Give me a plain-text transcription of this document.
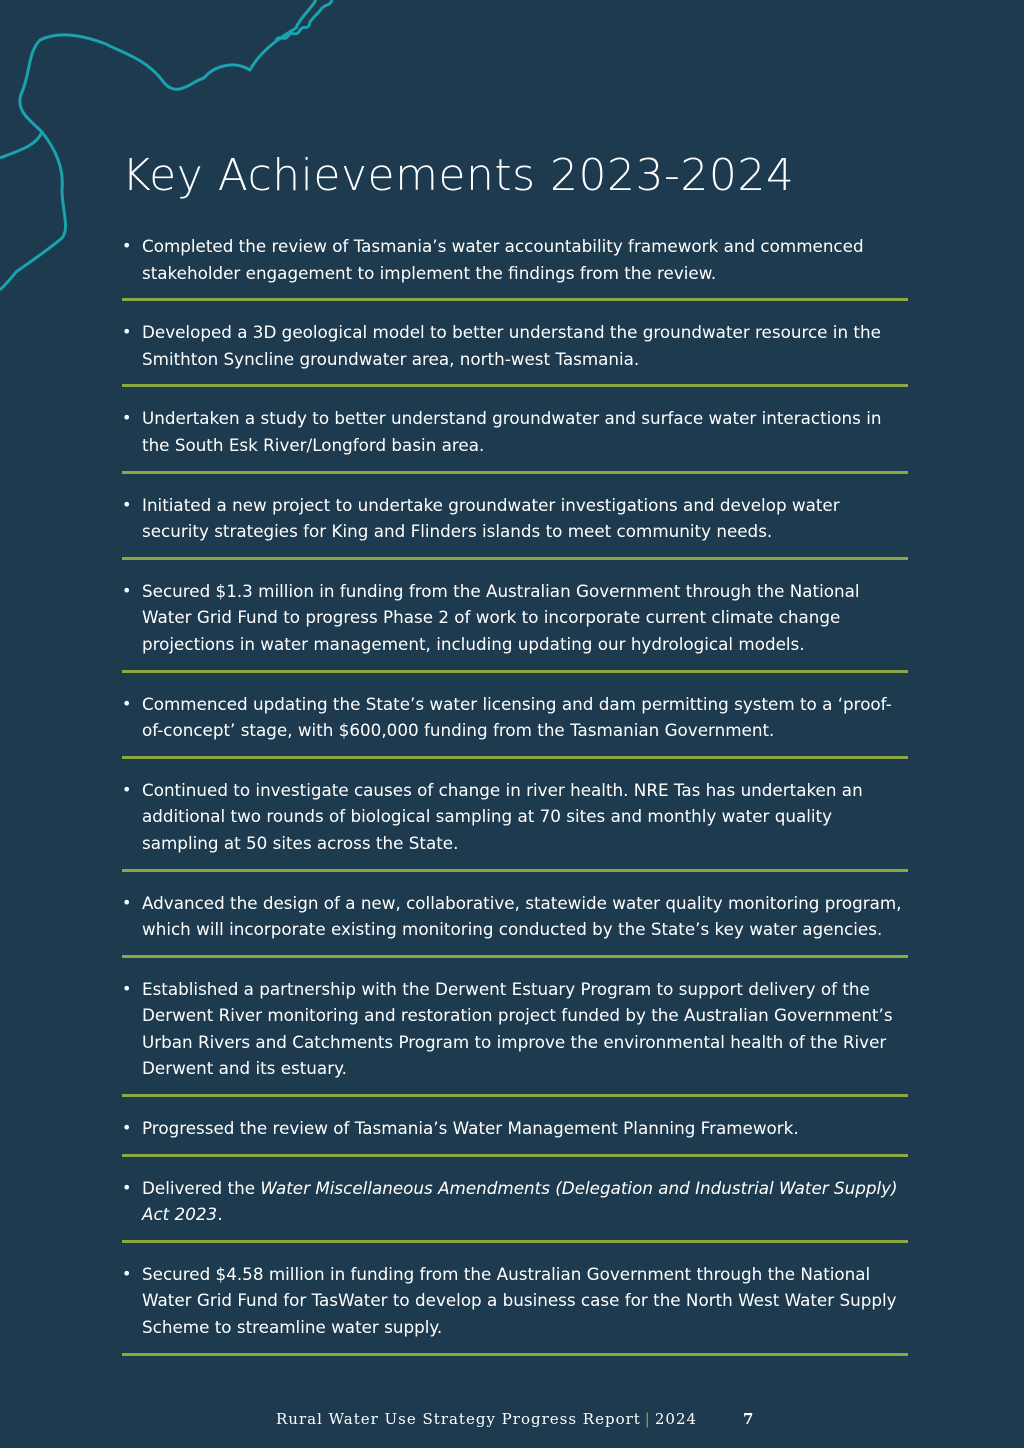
Key Achievements 2023-2024
• Completed the review of Tasmania’s water accountability framework and commenced stakeholder engagement to implement the findings from the review.
• Developed a 3D geological model to better understand the groundwater resource in the Smithton Syncline groundwater area, north-west Tasmania.
• Undertaken a study to better understand groundwater and surface water interactions in the South Esk River/Longford basin area.
• Initiated a new project to undertake groundwater investigations and develop water security strategies for King and Flinders islands to meet community needs.
• Secured $1.3 million in funding from the Australian Government through the National Water Grid Fund to progress Phase 2 of work to incorporate current climate change projections in water management, including updating our hydrological models.
• Commenced updating the State’s water licensing and dam permitting system to a ‘proof-of-concept’ stage, with $600,000 funding from the Tasmanian Government.
• Continued to investigate causes of change in river health. NRE Tas has undertaken an additional two rounds of biological sampling at 70 sites and monthly water quality sampling at 50 sites across the State.
• Advanced the design of a new, collaborative, statewide water quality monitoring program, which will incorporate existing monitoring conducted by the State’s key water agencies.
• Established a partnership with the Derwent Estuary Program to support delivery of the Derwent River monitoring and restoration project funded by the Australian Government’s Urban Rivers and Catchments Program to improve the environmental health of the River Derwent and its estuary.
• Progressed the review of Tasmania’s Water Management Planning Framework.
• Delivered the Water Miscellaneous Amendments (Delegation and Industrial Water Supply) Act 2023.
• Secured $4.58 million in funding from the Australian Government through the National Water Grid Fund for TasWater to develop a business case for the North West Water Supply Scheme to streamline water supply.
Rural Water Use Strategy Progress Report | 2024	7
